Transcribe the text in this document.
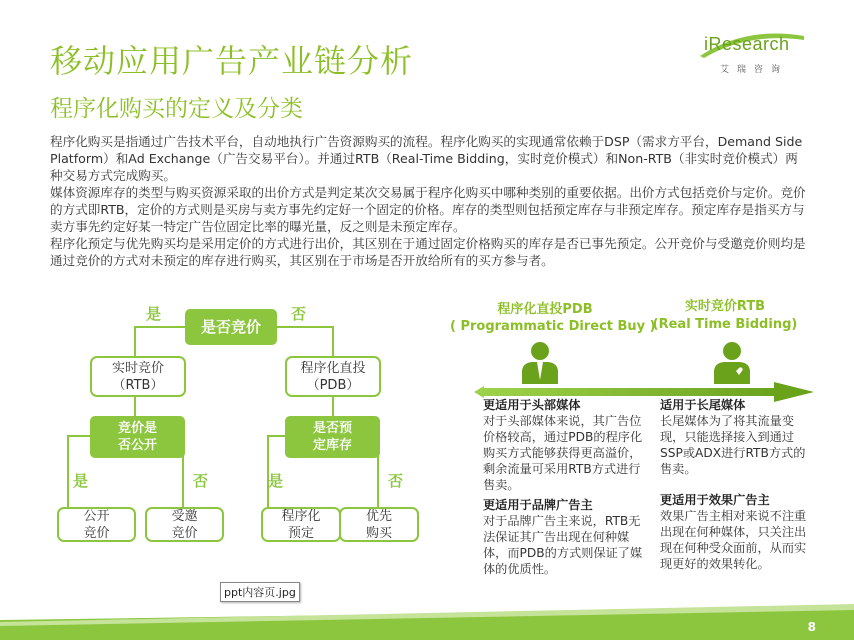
移动应用广告产业链分析
程序化购买的定义及分类
iResearch
艾瑞咨询

程序化购买是指通过广告技术平台，自动地执行广告资源购买的流程。程序化购买的实现通常依赖于DSP（需求方平台，Demand Side Platform）和Ad Exchange（广告交易平台）。并通过RTB（Real-Time Bidding，实时竞价模式）和Non-RTB（非实时竞价模式）两种交易方式完成购买。

媒体资源库存的类型与购买资源采取的出价方式是判定某次交易属于程序化购买中哪种类别的重要依据。出价方式包括竞价与定价。竞价的方式即RTB，定价的方式则是买房与卖方事先约定好一个固定的价格。库存的类型则包括预定库存与非预定库存。预定库存是指买方与卖方事先约定好某一特定广告位固定比率的曝光量，反之则是未预定库存。

程序化预定与优先购买均是采用定价的方式进行出价，其区别在于通过固定价格购买的库存是否已事先预定。公开竞价与受邀竞价则均是通过竞价的方式对未预定的库存进行购买，其区别在于市场是否开放给所有的买方参与者。

是否竞价
是	否
实时竞价
（RTB）
程序化直投
（PDB）
竞价是
否公开
是否预
定库存
是	否	是	否
公开
竞价
受邀
竞价
程序化
预定
优先
购买
程序化直投PDB
( Programmatic Direct Buy )
实时竞价RTB
(Real Time Bidding)
更适用于头部媒体
对于头部媒体来说，其广告位价格较高，通过PDB的程序化购买方式能够获得更高溢价，剩余流量可采用RTB方式进行售卖。
更适用于品牌广告主
对于品牌广告主来说，RTB无法保证其广告出现在何种媒体，而PDB的方式则保证了媒体的优质性。
适用于长尾媒体
长尾媒体为了将其流量变现，只能选择接入到通过SSP或ADX进行RTB方式的售卖。
更适用于效果广告主
效果广告主相对来说不注重出现在何种媒体，只关注出现在何种受众面前，从而实现更好的效果转化。
ppt内容页.jpg
8
